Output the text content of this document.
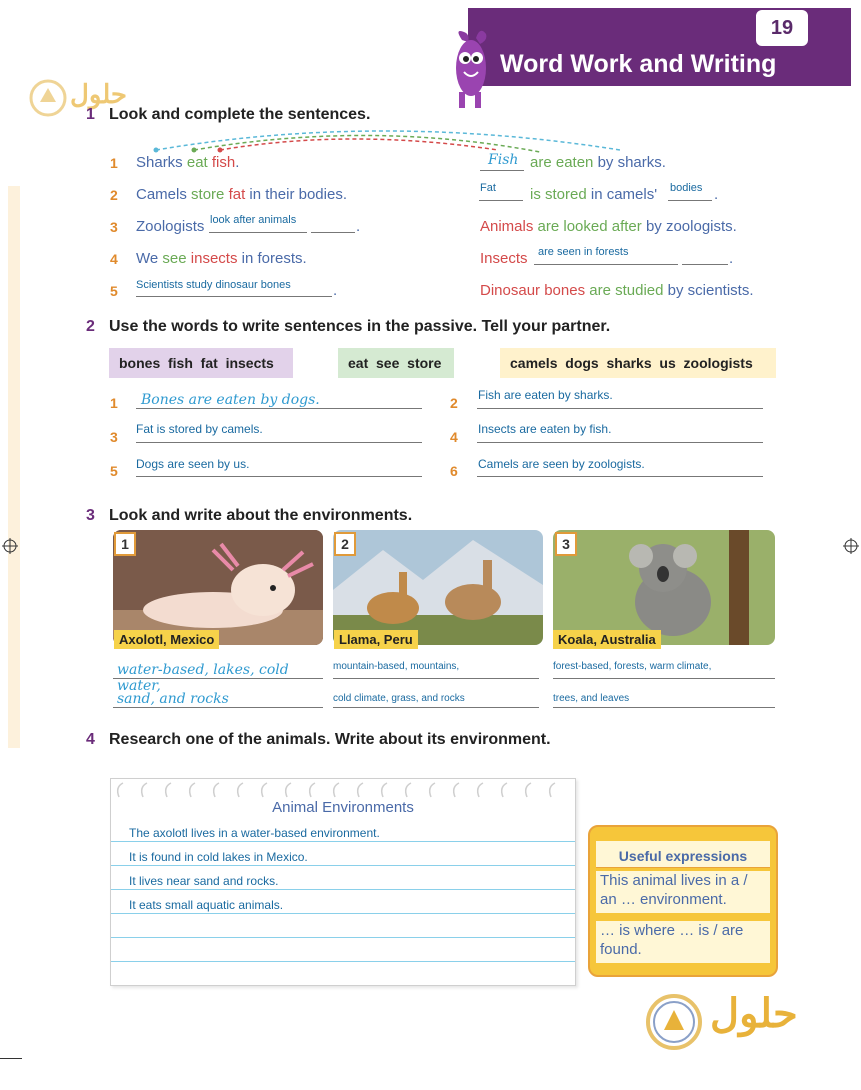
19
Word Work and Writing
حلول
1 Look and complete the sentences.
1 Sharks eat fish.	Fish are eaten by sharks.
2 Camels store fat in their bodies.	Fat is stored in camels' bodies .
3 Zoologists look after animals	.	Animals are looked after by zoologists.
4 We see insects in forests.	Insects are seen in forests	.
5 Scientists study dinosaur bones	.	Dinosaur bones are studied by scientists.
2 Use the words to write sentences in the passive. Tell your partner.
bones  fish  fat  insects	eat  see  store	camels  dogs  sharks  us  zoologists
1 Bones are eaten by dogs.	2 Fish are eaten by sharks.
3 Fat is stored by camels.	4 Insects are eaten by fish.
5 Dogs are seen by us.	6 Camels are seen by zoologists.
3 Look and write about the environments.
1
Axolotl, Mexico
2
Llama, Peru
3
Koala, Australia
water-based, lakes, cold water,
sand, and rocks
mountain-based, mountains,
cold climate, grass, and rocks
forest-based, forests, warm climate,
trees, and leaves
4 Research one of the animals. Write about its environment.
Animal Environments
The axolotl lives in a water-based environment.
It is found in cold lakes in Mexico.
It lives near sand and rocks.
It eats small aquatic animals.
Useful expressions
This animal lives in a / an … environment.
… is where … is / are found.
حلول
